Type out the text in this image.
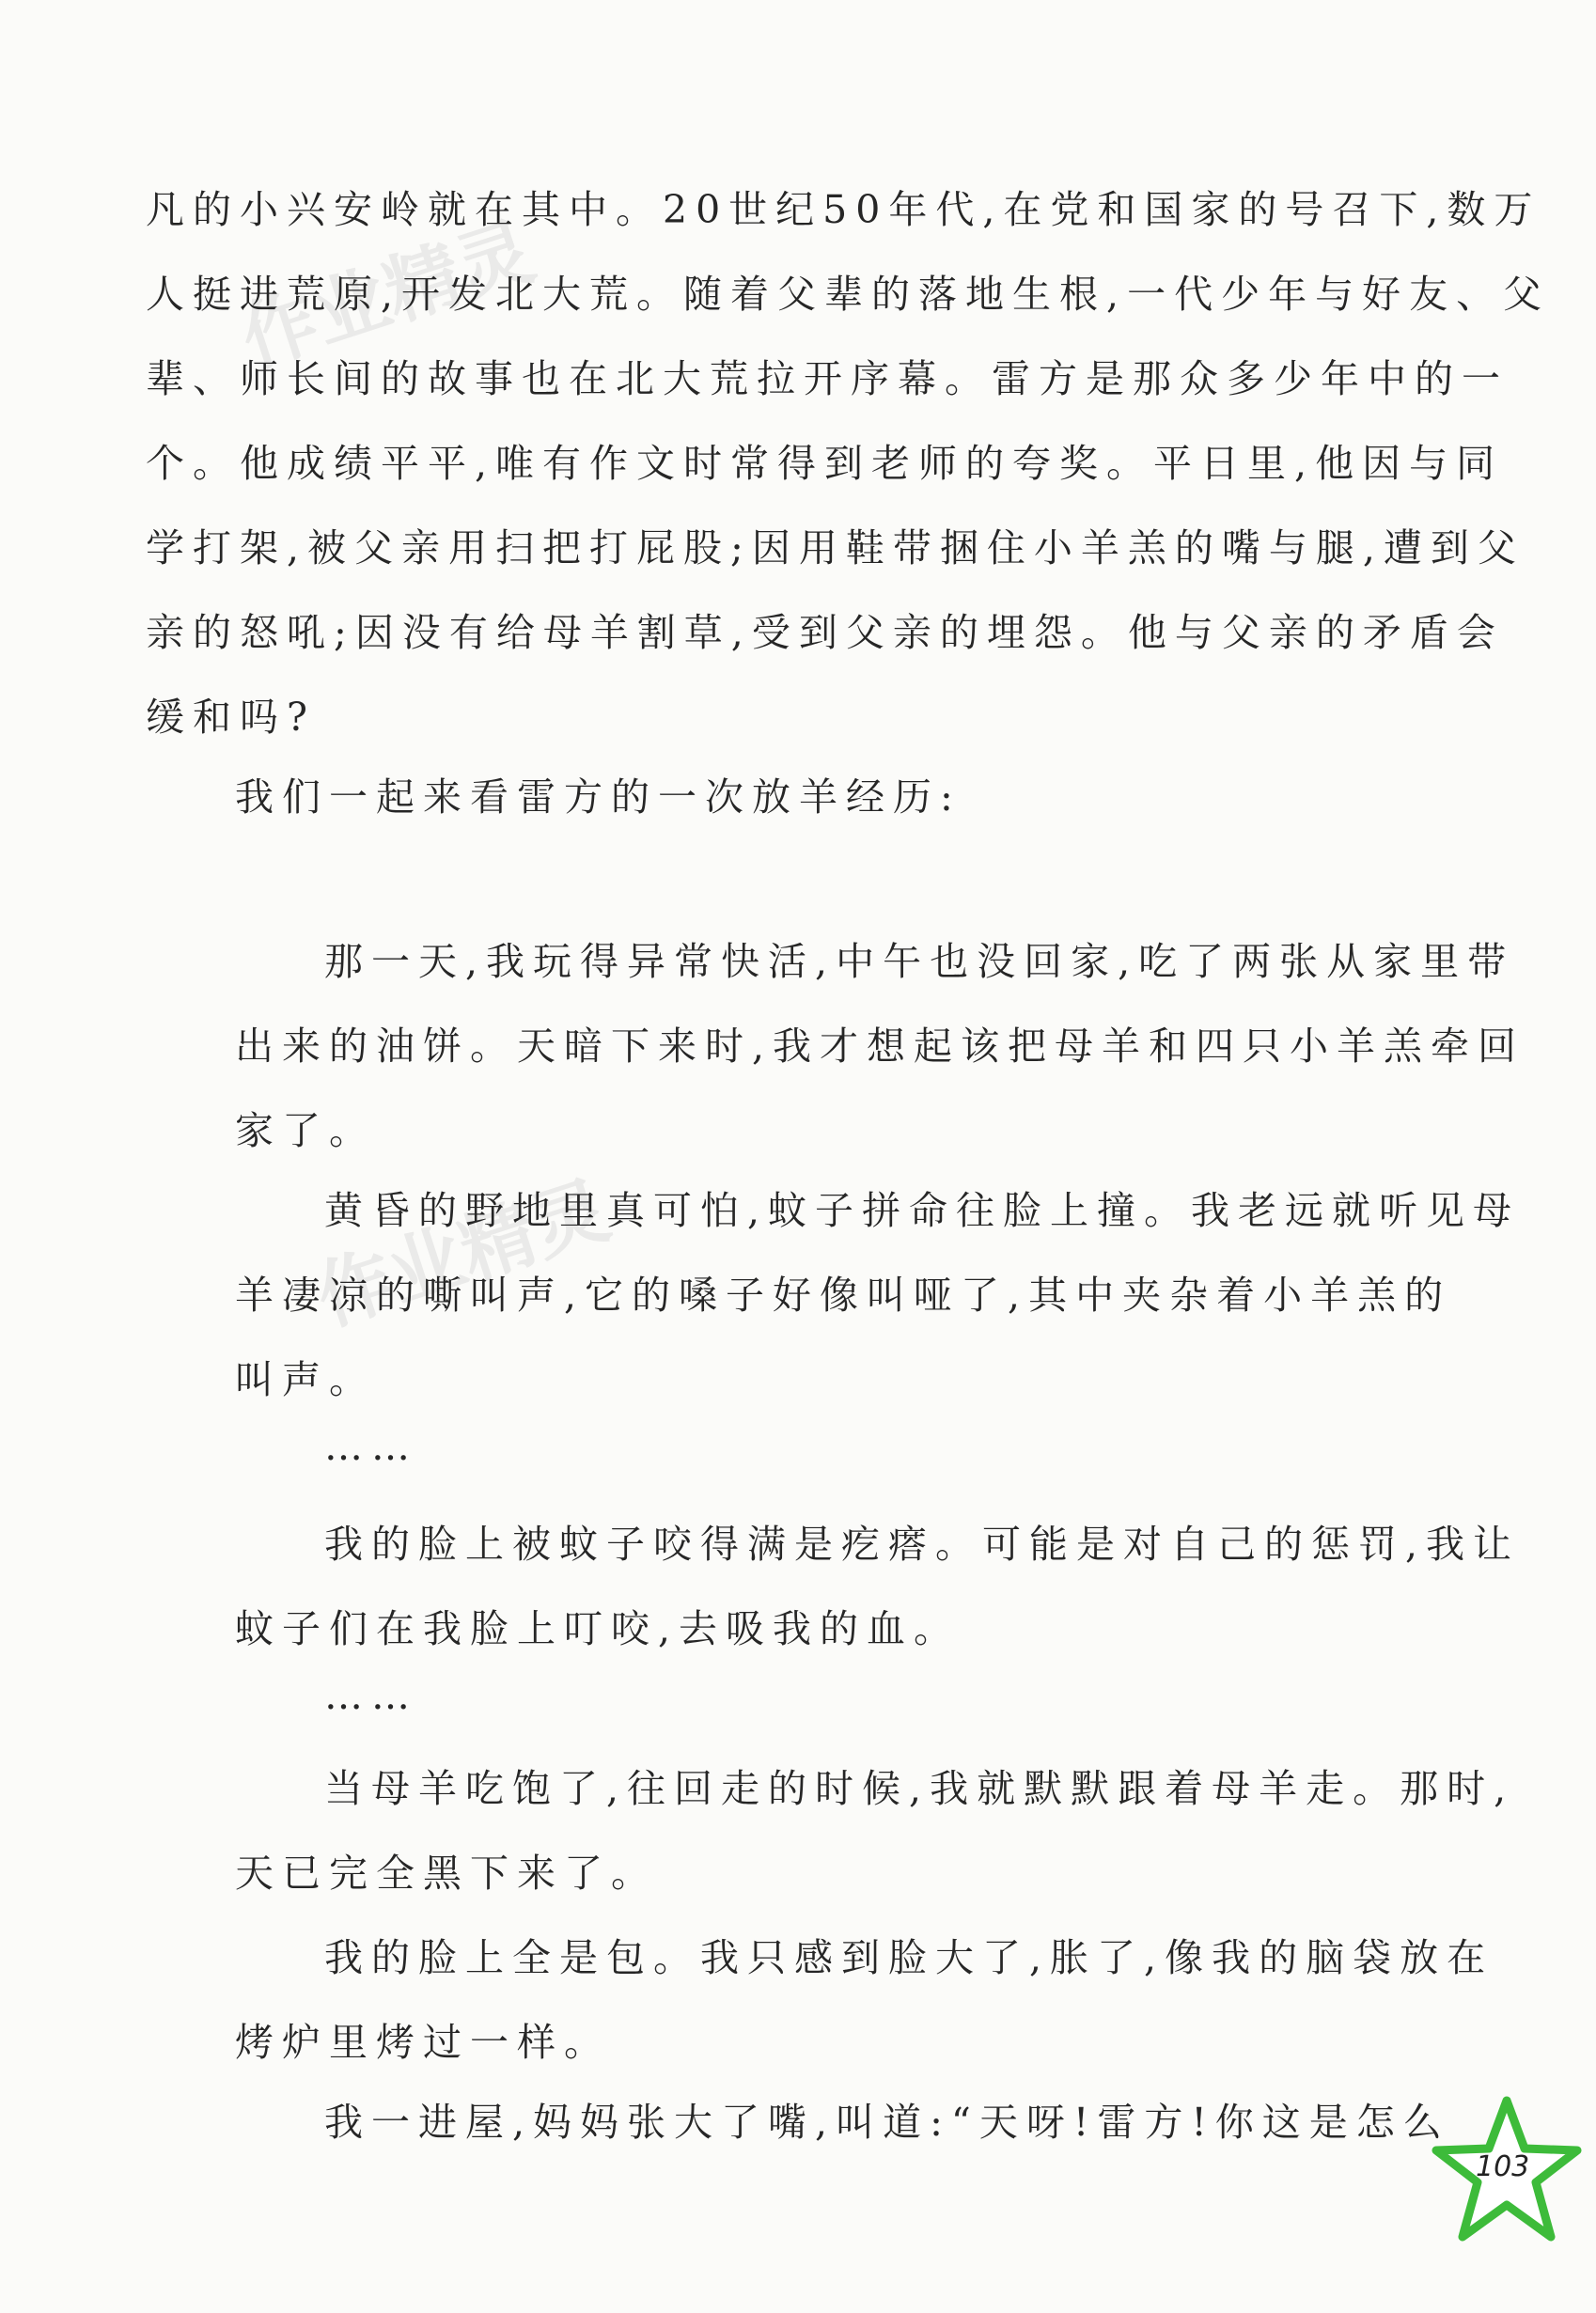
作业精灵
作业精灵
凡的小兴安岭就在其中。20世纪50年代,在党和国家的号召下,数万
人挺进荒原,开发北大荒。随着父辈的落地生根,一代少年与好友、父
辈、师长间的故事也在北大荒拉开序幕。雷方是那众多少年中的一
个。他成绩平平,唯有作文时常得到老师的夸奖。平日里,他因与同
学打架,被父亲用扫把打屁股;因用鞋带捆住小羊羔的嘴与腿,遭到父
亲的怒吼;因没有给母羊割草,受到父亲的埋怨。他与父亲的矛盾会
缓和吗?
我们一起来看雷方的一次放羊经历:
那一天,我玩得异常快活,中午也没回家,吃了两张从家里带
出来的油饼。天暗下来时,我才想起该把母羊和四只小羊羔牵回
家了。
黄昏的野地里真可怕,蚊子拼命往脸上撞。我老远就听见母
羊凄凉的嘶叫声,它的嗓子好像叫哑了,其中夹杂着小羊羔的
叫声。
……
我的脸上被蚊子咬得满是疙瘩。可能是对自己的惩罚,我让
蚊子们在我脸上叮咬,去吸我的血。
……
当母羊吃饱了,往回走的时候,我就默默跟着母羊走。那时,
天已完全黑下来了。
我的脸上全是包。我只感到脸大了,胀了,像我的脑袋放在
烤炉里烤过一样。
我一进屋,妈妈张大了嘴,叫道:“天呀!雷方!你这是怎么
103
